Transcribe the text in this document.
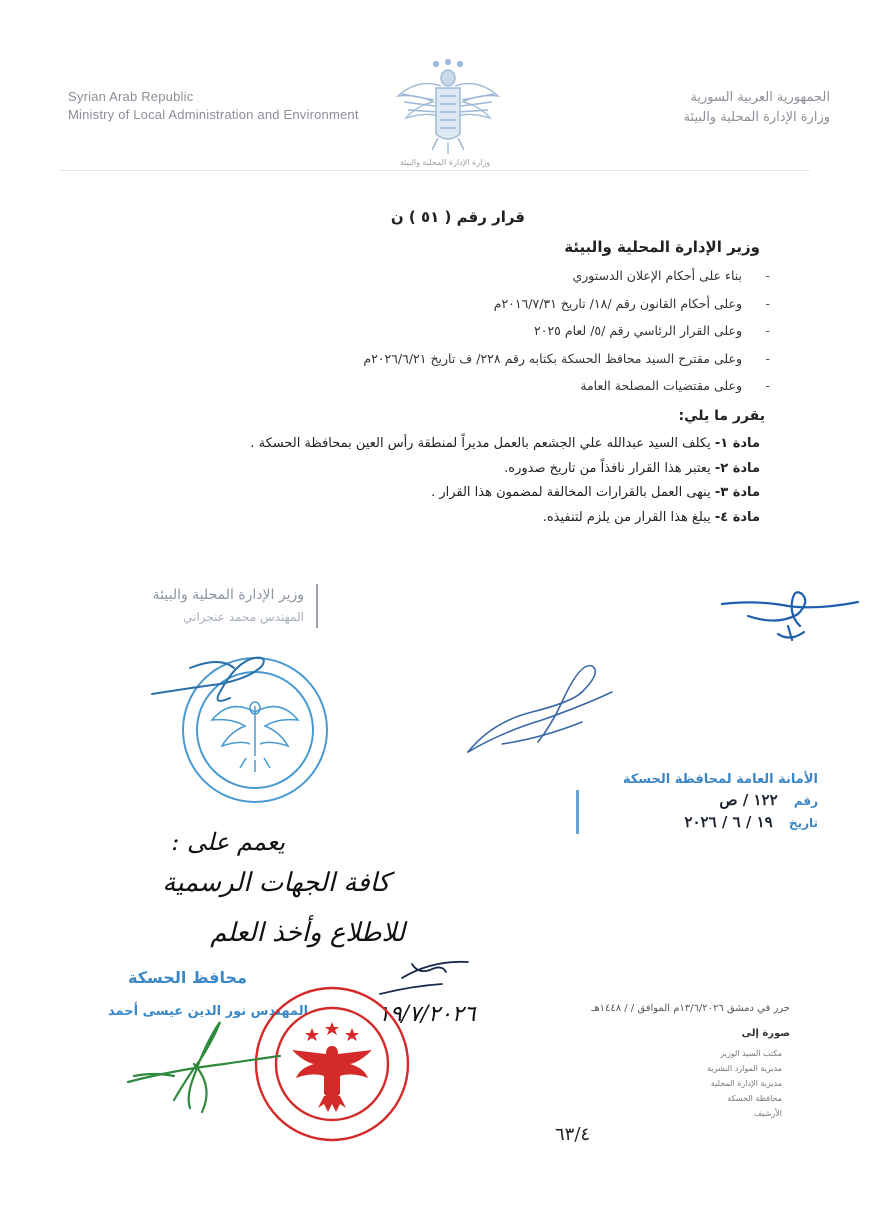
Syrian Arab Republic
Ministry of Local Administration and Environment
الجمهورية العربية السورية
وزارة الإدارة المحلية والبيئة
وزارة الإدارة المحلية والبيئة
قرار رقم ( ٥١ ) ن
وزير الإدارة المحلية والبيئة
-
بناء على أحكام الإعلان الدستوري
-
وعلى أحكام القانون رقم /١٨/ تاريخ ٢٠١٦/٧/٣١م
-
وعلى القرار الرئاسي رقم /٥/ لعام ٢٠٢٥
-
وعلى مقترح السيد محافظ الحسكة بكتابه رقم ٢٢٨/ ف تاريخ ٢٠٢٦/٦/٢١م
-
وعلى مقتضيات المصلحة العامة
يقرر ما يلي:
مادة ١- يكلف السيد عبدالله علي الجشعم بالعمل مديراً لمنطقة رأس العين بمحافظة الحسكة .
مادة ٢- يعتبر هذا القرار نافذاً من تاريخ صدوره.
مادة ٣- ينهى العمل بالقرارات المخالفة لمضمون هذا القرار .
مادة ٤- يبلغ هذا القرار من يلزم لتنفيذه.
وزير الإدارة المحلية والبيئة
المهندس محمد عنجراني
الأمانة العامة لمحافظة الحسكة
رقم ١٢٢ / ص
تاريخ ١٩ / ٦ / ٢٠٢٦
يعمم على :
كافة الجهات الرسمية
للاطلاع وأخذ العلم
محافظ الحسكة
المهندس نور الدين عيسى أحمد	١٩/٧/٢٠٢٦	حرر في دمشق ١٣/٦/٢٠٢٦م الموافق / / ١٤٤٨هـ
صورة إلى
مكتب السيد الوزير
مديرية الموارد البشرية
مديرية الإدارة المحلية
محافظة الحسكة
الأرشيف
٦٣/٤
